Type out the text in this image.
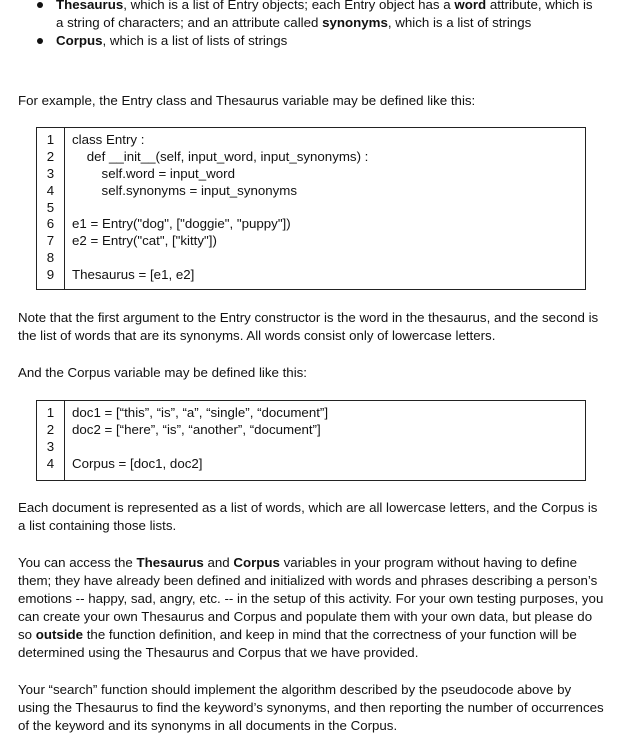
Thesaurus, which is a list of Entry objects; each Entry object has a word attribute, which is a string of characters; and an attribute called synonyms, which is a list of strings
Corpus, which is a list of lists of strings

For example, the Entry class and Thesaurus variable may be defined like this:

1	class Entry :
2	def __init__(self, input_word, input_synonyms) :
3	self.word = input_word
4	self.synonyms = input_synonyms
5
6	e1 = Entry("dog", ["doggie", "puppy"])
7	e2 = Entry("cat", ["kitty"])
8
9	Thesaurus = [e1, e2]

Note that the first argument to the Entry constructor is the word in the thesaurus, and the second is the list of words that are its synonyms. All words consist only of lowercase letters.

And the Corpus variable may be defined like this:

1	doc1 = [“this”, “is”, “a”, “single”, “document”]
2	doc2 = [“here”, “is”, “another”, “document”]
3
4	Corpus = [doc1, doc2]

Each document is represented as a list of words, which are all lowercase letters, and the Corpus is a list containing those lists.

You can access the Thesaurus and Corpus variables in your program without having to define them; they have already been defined and initialized with words and phrases describing a person’s emotions -- happy, sad, angry, etc. -- in the setup of this activity. For your own testing purposes, you can create your own Thesaurus and Corpus and populate them with your own data, but please do so outside the function definition, and keep in mind that the correctness of your function will be determined using the Thesaurus and Corpus that we have provided.

Your “search” function should implement the algorithm described by the pseudocode above by using the Thesaurus to find the keyword’s synonyms, and then reporting the number of occurrences of the keyword and its synonyms in all documents in the Corpus.
